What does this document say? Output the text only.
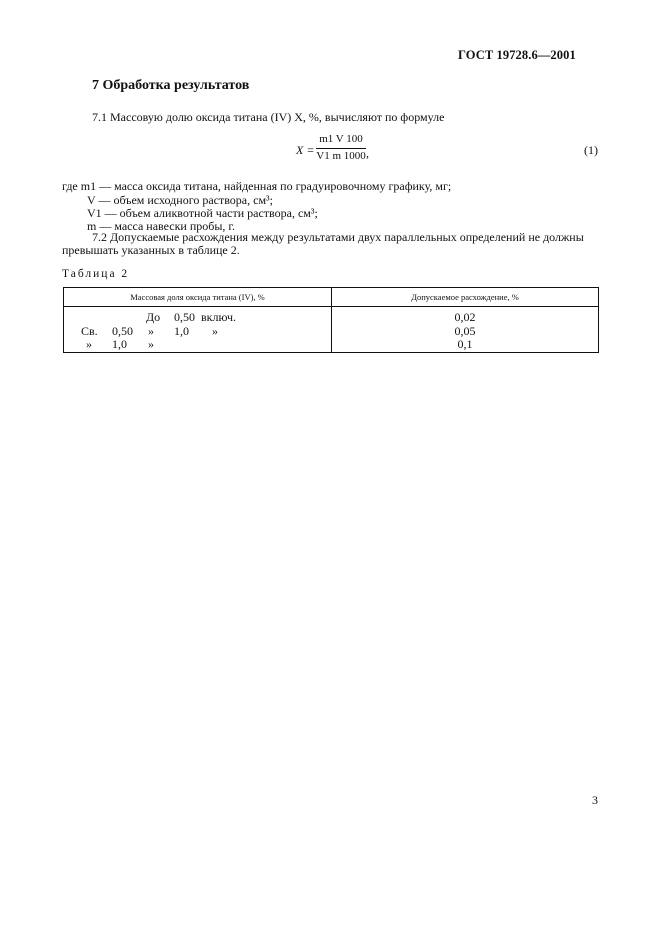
ГОСТ 19728.6—2001
7 Обработка результатов
7.1 Массовую долю оксида титана (IV) X, %, вычисляют по формуле
X =
m1 V 100
V1 m 1000 ,	(1)
где m1 — масса оксида титана, найденная по градуировочному графику, мг;
V — объем исходного раствора, см³;
V1 — объем аликвотной части раствора, см³;
m — масса навески пробы, г.
7.2 Допускаемые расхождения между результатами двух параллельных определений не должны
превышать указанных в таблице 2.
Таблица 2
Массовая доля оксида титана (IV), %	Допускаемое расхождение, %

До 0,50 включ.	0,02

Св. 0,50 » 1,0 »	0,05

» 1,0 »	0,1
3
